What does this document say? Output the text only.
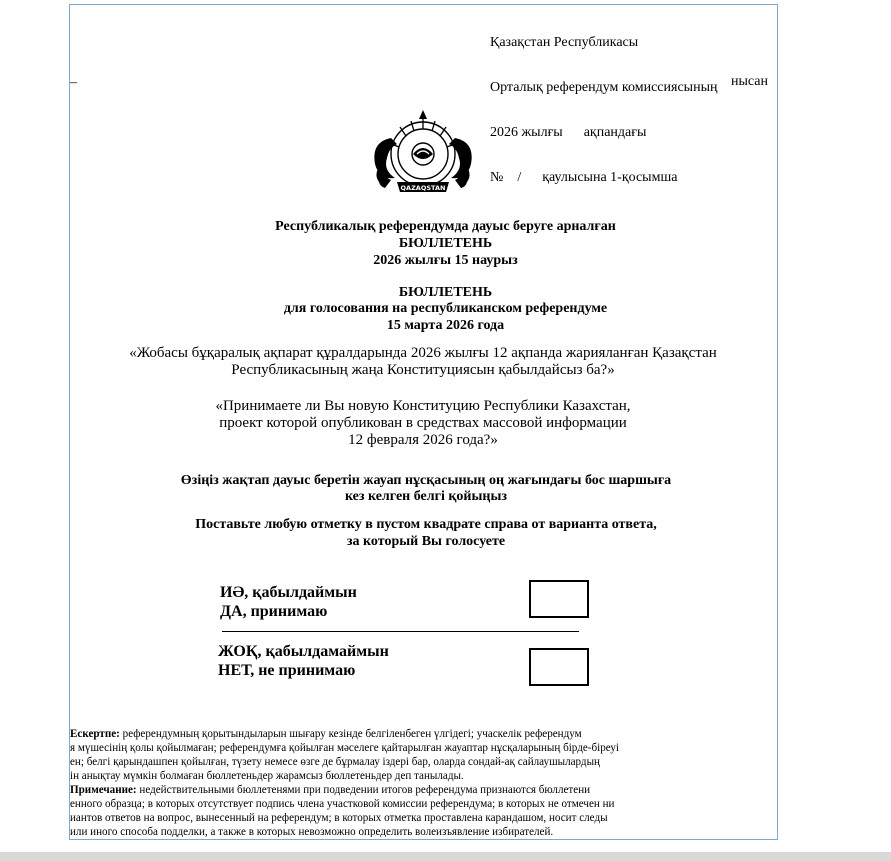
Қазақстан Республикасы

Орталық референдум комиссиясының

2026 жылғы      ақпандағы

№    /      қаулысына 1-қосымша

–	нысан
QAZAQSTAN
Республикалық референдумда дауыс беруге арналған
БЮЛЛЕТЕНЬ
2026 жылғы 15 наурыз
БЮЛЛЕТЕНЬ
для голосования на республиканском референдуме
15 марта 2026 года
«Жобасы бұқаралық ақпарат құралдарында 2026 жылғы 12 ақпанда жарияланған Қазақстан
Республикасының жаңа Конституциясын қабылдайсыз ба?»
«Принимаете ли Вы новую Конституцию Республики Казахстан,
проект которой опубликован в средствах массовой информации
12 февраля 2026 года?»
Өзіңіз жақтап дауыс беретін жауап нұсқасының оң жағындағы бос шаршыға
кез келген белгі қойыңыз
Поставьте любую отметку в пустом квадрате справа от варианта ответа,
за который Вы голосуете
ИӘ, қабылдаймын
ДА, принимаю
ЖОҚ, қабылдамаймын
НЕТ, не принимаю

Ескертпе: референдумның қорытындыларын шығару кезінде белгіленбеген үлгідегі; учаскелік референдум

я мүшесінің қолы қойылмаған; референдумға қойылған мәселеге қайтарылған жауаптар нұсқаларының бірде-біреуі

ен; белгі қарындашпен қойылған, түзету немесе өзге де бұрмалау іздері бар, оларда сондай-ақ сайлаушылардың

ін анықтау мүмкін болмаған бюллетеньдер жарамсыз бюллетеньдер деп танылады.

Примечание: недействительными бюллетенями при подведении итогов референдума признаются бюллетени

енного образца; в которых отсутствует подпись члена участковой комиссии референдума; в которых не отмечен ни

иантов ответов на вопрос, вынесенный на референдум; в которых отметка проставлена карандашом, носит следы

или иного способа подделки, а также в которых невозможно определить волеизъявление избирателей.
